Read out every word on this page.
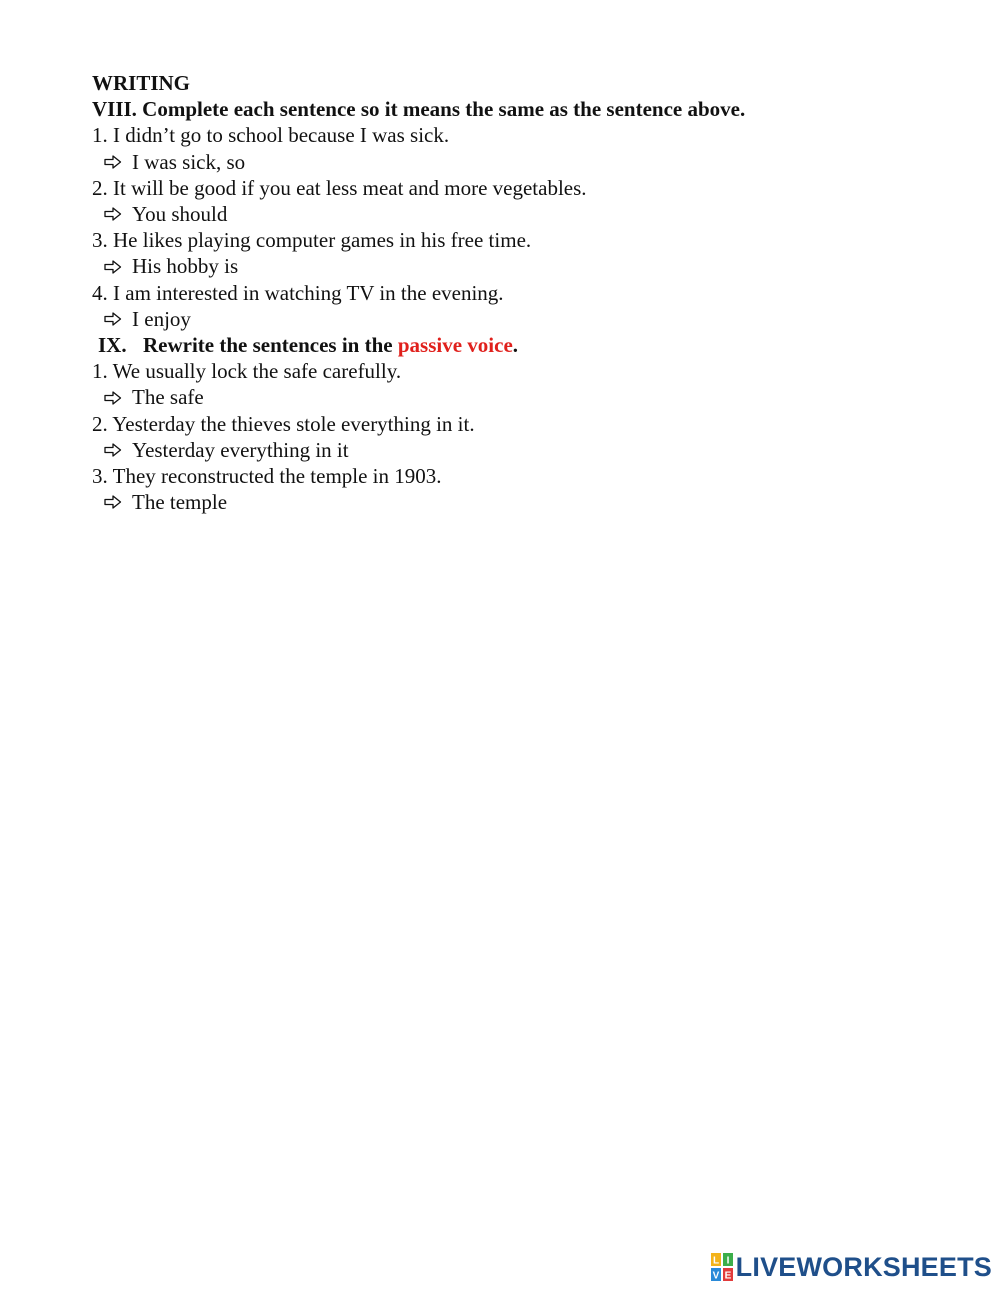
WRITING
VIII. Complete each sentence so it means the same as the sentence above.
1. I didn’t go to school because I was sick.
I was sick, so
2. It will be good if you eat less meat and more vegetables.
You should
3. He likes playing computer games in his free time.
His hobby is
4. I am interested in watching TV in the evening.
I enjoy
IX. Rewrite the sentences in the passive voice.
1. We usually lock the safe carefully.
The safe
2. Yesterday the thieves stole everything in it.
Yesterday everything in it
3. They reconstructed the temple in 1903.
The temple
L I
V E LIVEWORKSHEETS
